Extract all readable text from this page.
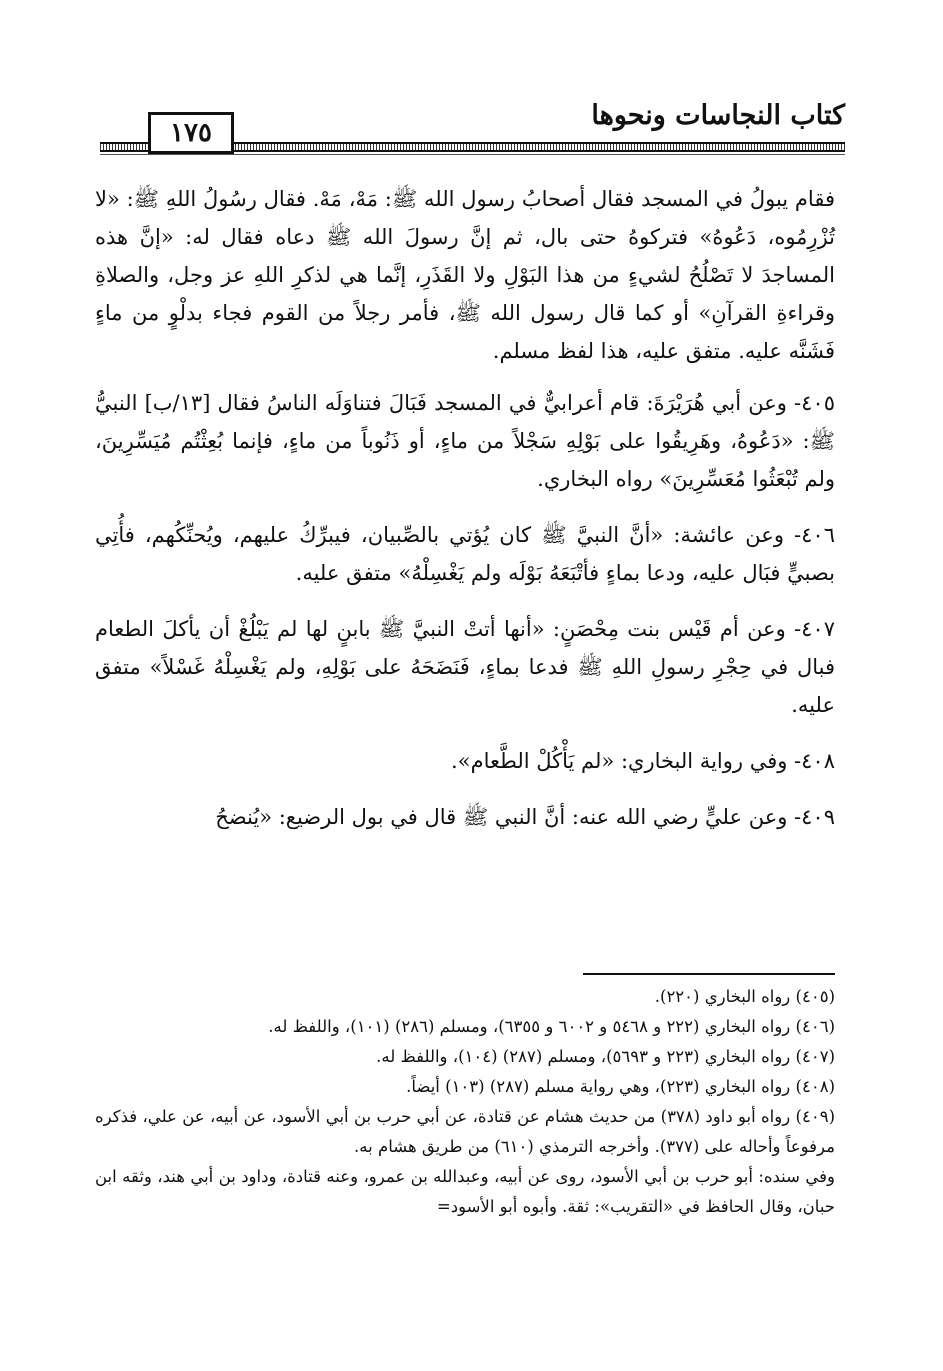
كتاب النجاسات ونحوها
١٧٥

فقام يبولُ في المسجد فقال أصحابُ رسول الله ﷺ: مَهْ، مَهْ. فقال رسُولُ اللهِ ﷺ: «لا تُزْرِمُوه، دَعُوهُ» فتركوهُ حتى بال، ثم إنَّ رسولَ الله ﷺ دعاه فقال له: «إنَّ هذه المساجدَ لا تَصْلُحُ لشيءٍ من هذا البَوْلِ ولا القَذَرِ، إنَّما هي لذكرِ اللهِ عز وجل، والصلاةِ وقراءةِ القرآنِ» أو كما قال رسول الله ﷺ، فأمر رجلاً من القوم فجاء بدلْوٍ من ماءٍ فَشَنَّه عليه. متفق عليه، هذا لفظ مسلم.

٤٠٥- وعن أبي هُرَيْرَةَ: قام أعرابيٌّ في المسجد فَبَالَ فتناوَلَه الناسُ فقال [١٣/ب] النبيُّ ﷺ: «دَعُوهُ، وهَرِيقُوا على بَوْلِهِ سَجْلاً من ماءٍ، أو ذَنُوباً من ماءٍ، فإنما بُعِثْتُم مُيَسِّرِينَ، ولم تُبْعَثُوا مُعَسِّرِينَ» رواه البخاري.

٤٠٦- وعن عائشة: «أنَّ النبيَّ ﷺ كان يُؤتي بالصِّبيان، فيبرِّكُ عليهم، ويُحنِّكُهم، فأُتِي بصبيٍّ فبَال عليه، ودعا بماءٍ فأتْبَعَهُ بَوْلَه ولم يَغْسِلْهُ» متفق عليه.

٤٠٧- وعن أم قَيْس بنت مِحْصَنٍ: «أنها أتتْ النبيَّ ﷺ بابنٍ لها لم يَبْلُغْ أن يأكلَ الطعام فبال في حِجْرِ رسولِ اللهِ ﷺ فدعا بماءٍ، فَنَضَحَهُ على بَوْلِهِ، ولم يَغْسِلْهُ غَسْلاً» متفق عليه.

٤٠٨- وفي رواية البخاري: «لم يَأْكُلْ الطَّعام».

٤٠٩- وعن عليٍّ رضي الله عنه: أنَّ النبي ﷺ قال في بول الرضيع: «يُنضحُ

(٤٠٥) رواه البخاري (٢٢٠).

(٤٠٦) رواه البخاري (٢٢٢ و ٥٤٦٨ و ٦٠٠٢ و ٦٣٥٥)، ومسلم (٢٨٦) (١٠١)، واللفظ له.

(٤٠٧) رواه البخاري (٢٢٣ و ٥٦٩٣)، ومسلم (٢٨٧) (١٠٤)، واللفظ له.

(٤٠٨) رواه البخاري (٢٢٣)، وهي رواية مسلم (٢٨٧) (١٠٣) أيضاً.

(٤٠٩) رواه أبو داود (٣٧٨) من حديث هشام عن قتادة، عن أبي حرب بن أبي الأسود، عن أبيه، عن علي، فذكره مرفوعاً وأحاله على (٣٧٧). وأخرجه الترمذي (٦١٠) من طريق هشام به.

وفي سنده: أبو حرب بن أبي الأسود، روى عن أبيه، وعبدالله بن عمرو، وعنه قتادة، وداود بن أبي هند، وثقه ابن حبان، وقال الحافظ في «التقريب»: ثقة. وأبوه أبو الأسود=
